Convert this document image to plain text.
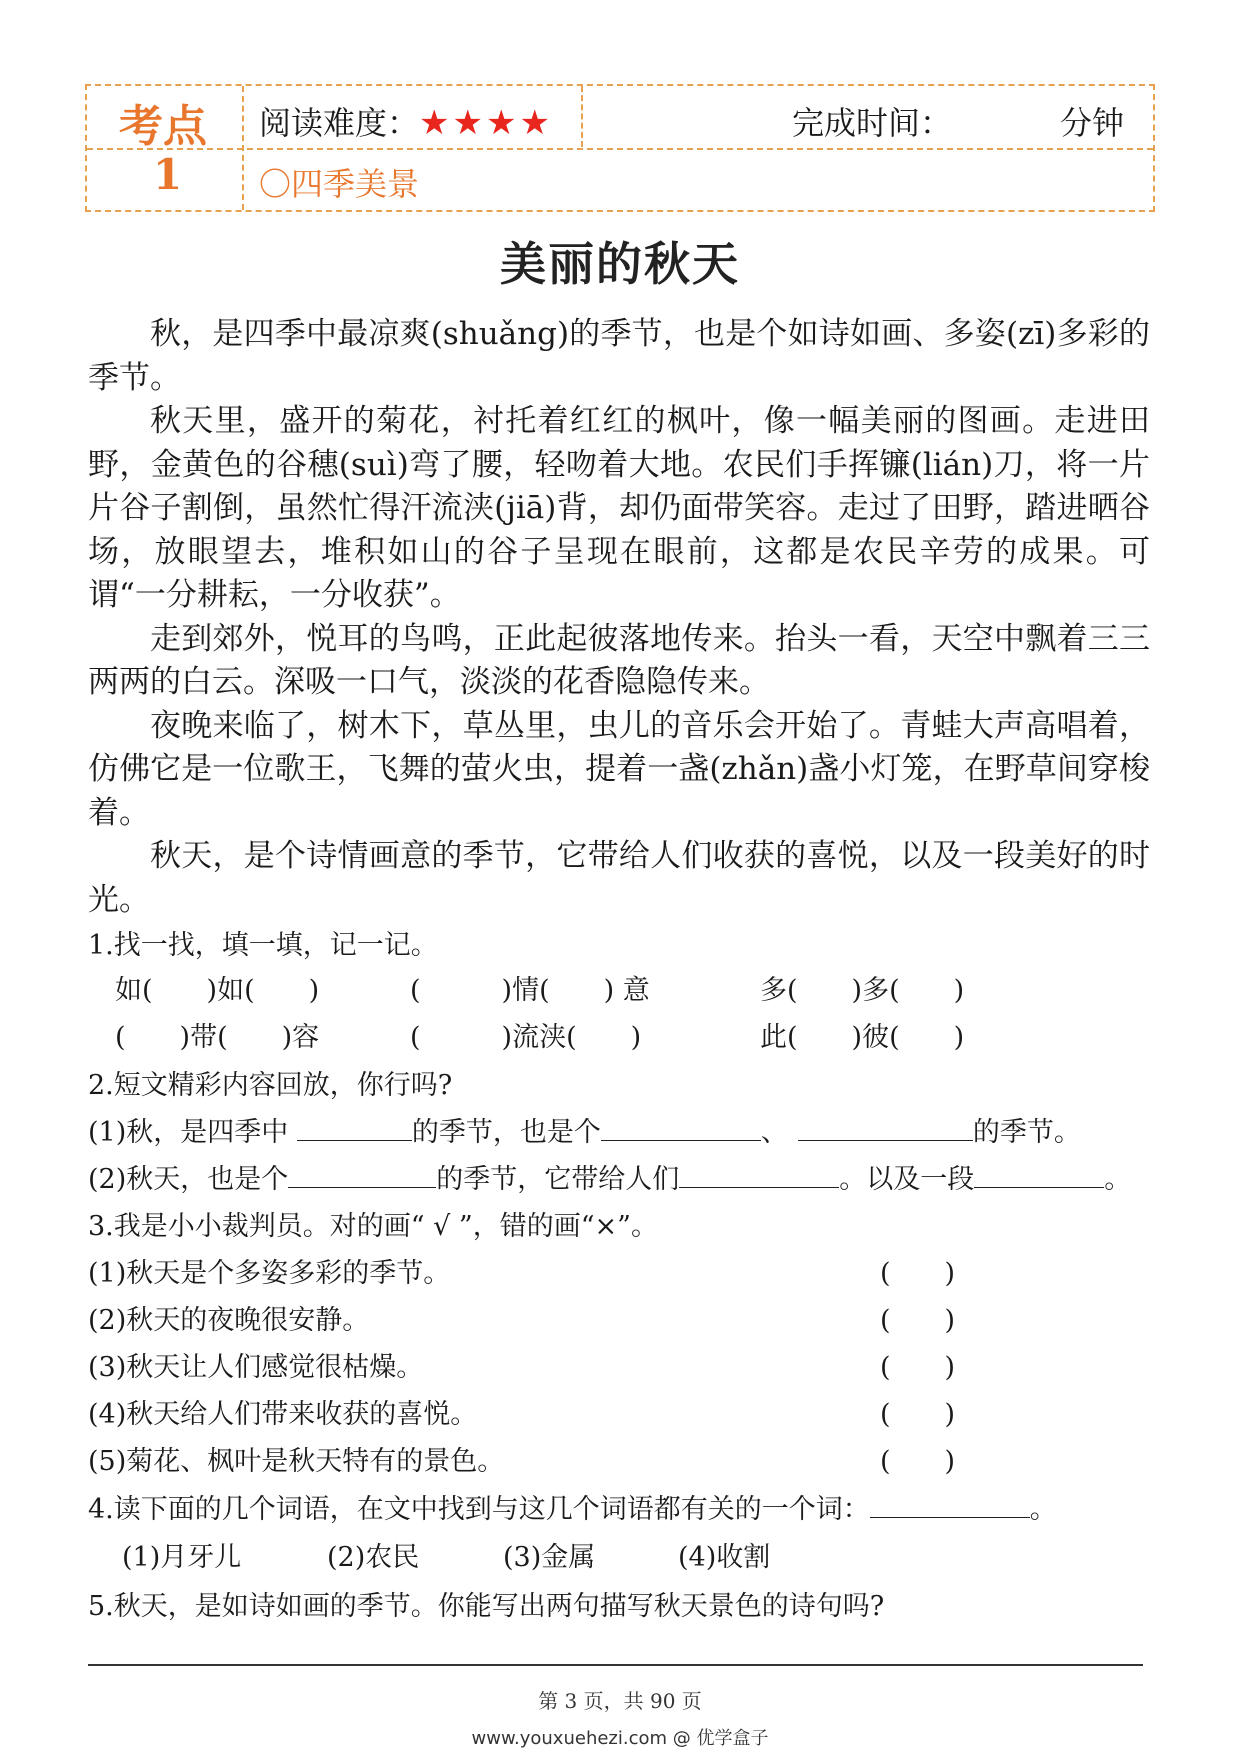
考点
1
阅读难度：★★★★	完成时间：	分钟
〇四季美景
美丽的秋天

秋，是四季中最凉爽(shuǎng)的季节，也是个如诗如画、多姿(zī)多彩的季节。

秋天里，盛开的菊花，衬托着红红的枫叶，像一幅美丽的图画。走进田野，金黄色的谷穗(suì)弯了腰，轻吻着大地。农民们手挥镰(lián)刀，将一片片谷子割倒，虽然忙得汗流浃(jiā)背，却仍面带笑容。走过了田野，踏进晒谷场，放眼望去，堆积如山的谷子呈现在眼前，这都是农民辛劳的成果。可谓“一分耕耘，一分收获”。

走到郊外，悦耳的鸟鸣，正此起彼落地传来。抬头一看，天空中飘着三三两两的白云。深吸一口气，淡淡的花香隐隐传来。

夜晚来临了，树木下，草丛里，虫儿的音乐会开始了。青蛙大声高唱着，仿佛它是一位歌王，飞舞的萤火虫，提着一盏(zhǎn)盏小灯笼，在野草间穿梭着。

秋天，是个诗情画意的季节，它带给人们收获的喜悦，以及一段美好的时光。

1.找一找，填一填，记一记。
如(　　)如(　　)	(　　　)情(　　) 意	多(　　)多(　　)
(　　)带(　　)容	(　　　)流浃(　　)	此(　　)彼(　　)
2.短文精彩内容回放，你行吗?
(1)秋，是四季中	的季节，也是个	、	的季节。
(2)秋天，也是个	的季节，它带给人们	。以及一段	。
3.我是小小裁判员。对的画“ √ ”，错的画“×”。
(1)秋天是个多姿多彩的季节。	(　　)
(2)秋天的夜晚很安静。	(　　)
(3)秋天让人们感觉很枯燥。	(　　)
(4)秋天给人们带来收获的喜悦。	(　　)
(5)菊花、枫叶是秋天特有的景色。	(　　)
4.读下面的几个词语，在文中找到与这几个词语都有关的一个词：	。
(1)月牙儿	(2)农民	(3)金属	(4)收割
5.秋天，是如诗如画的季节。你能写出两句描写秋天景色的诗句吗?
第 3 页，共 90 页
www.youxuehezi.com @ 优学盒子
